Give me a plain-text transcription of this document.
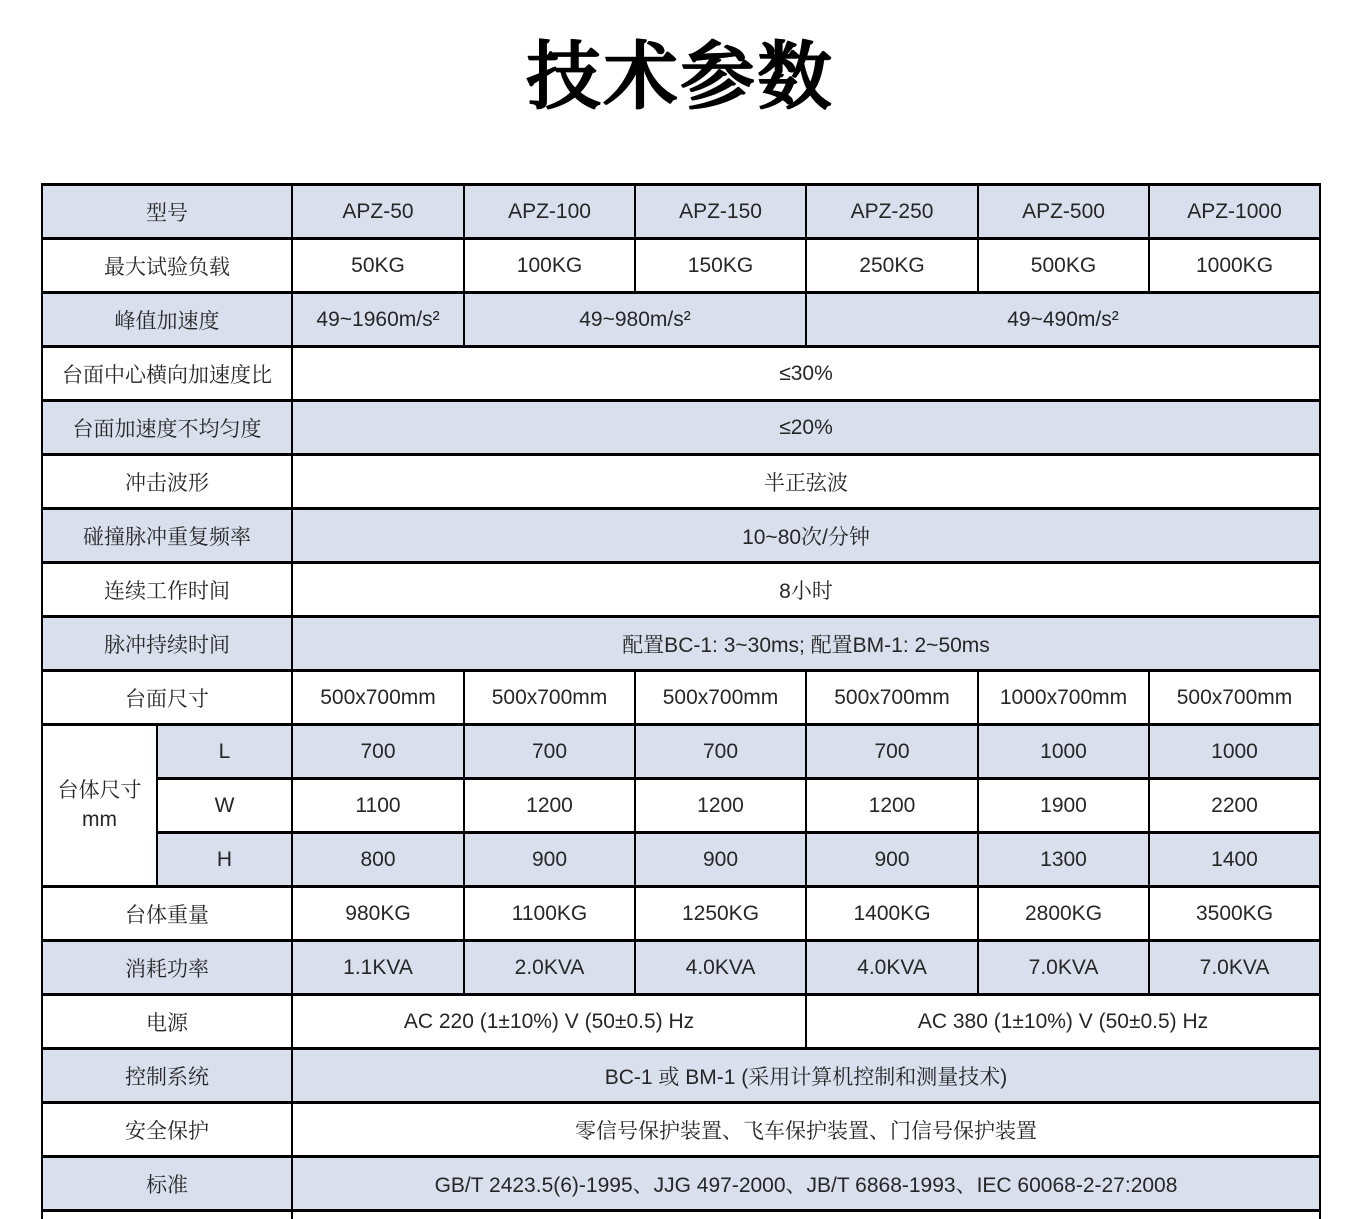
技术参数
型号		APZ-50	APZ-100	APZ-150	APZ-250	APZ-500	APZ-1000
最大试验负载		50KG	100KG	150KG	250KG	500KG	1000KG
峰值加速度		49~1960m/s²	49~980m/s²		49~490m/s²		
台面中心横向加速度比		≤30%					
台面加速度不均匀度		≤20%					
冲击波形		半正弦波					
碰撞脉冲重复频率		10~80次/分钟					
连续工作时间		8小时					
脉冲持续时间		配置BC-1: 3~30ms; 配置BM-1: 2~50ms					
台面尺寸		500x700mm	500x700mm	500x700mm	500x700mm	1000x700mm	500x700mm

台体尺寸
mm	L	700	700	700	700	1000	1000
	W	1100	1200	1200	1200	1900	2200
	H	800	900	900	900	1300	1400
台体重量		980KG	1100KG	1250KG	1400KG	2800KG	3500KG
消耗功率		1.1KVA	2.0KVA	4.0KVA	4.0KVA	7.0KVA	7.0KVA
电源		AC 220 (1±10%) V (50±0.5) Hz			AC 380 (1±10%) V (50±0.5) Hz		
控制系统		BC-1 或 BM-1 (采用计算机控制和测量技术)					
安全保护		零信号保护装置、飞车保护装置、门信号保护装置					
标准		GB/T 2423.5(6)-1995、JJG 497-2000、JB/T 6868-1993、IEC 60068-2-27:2008					
